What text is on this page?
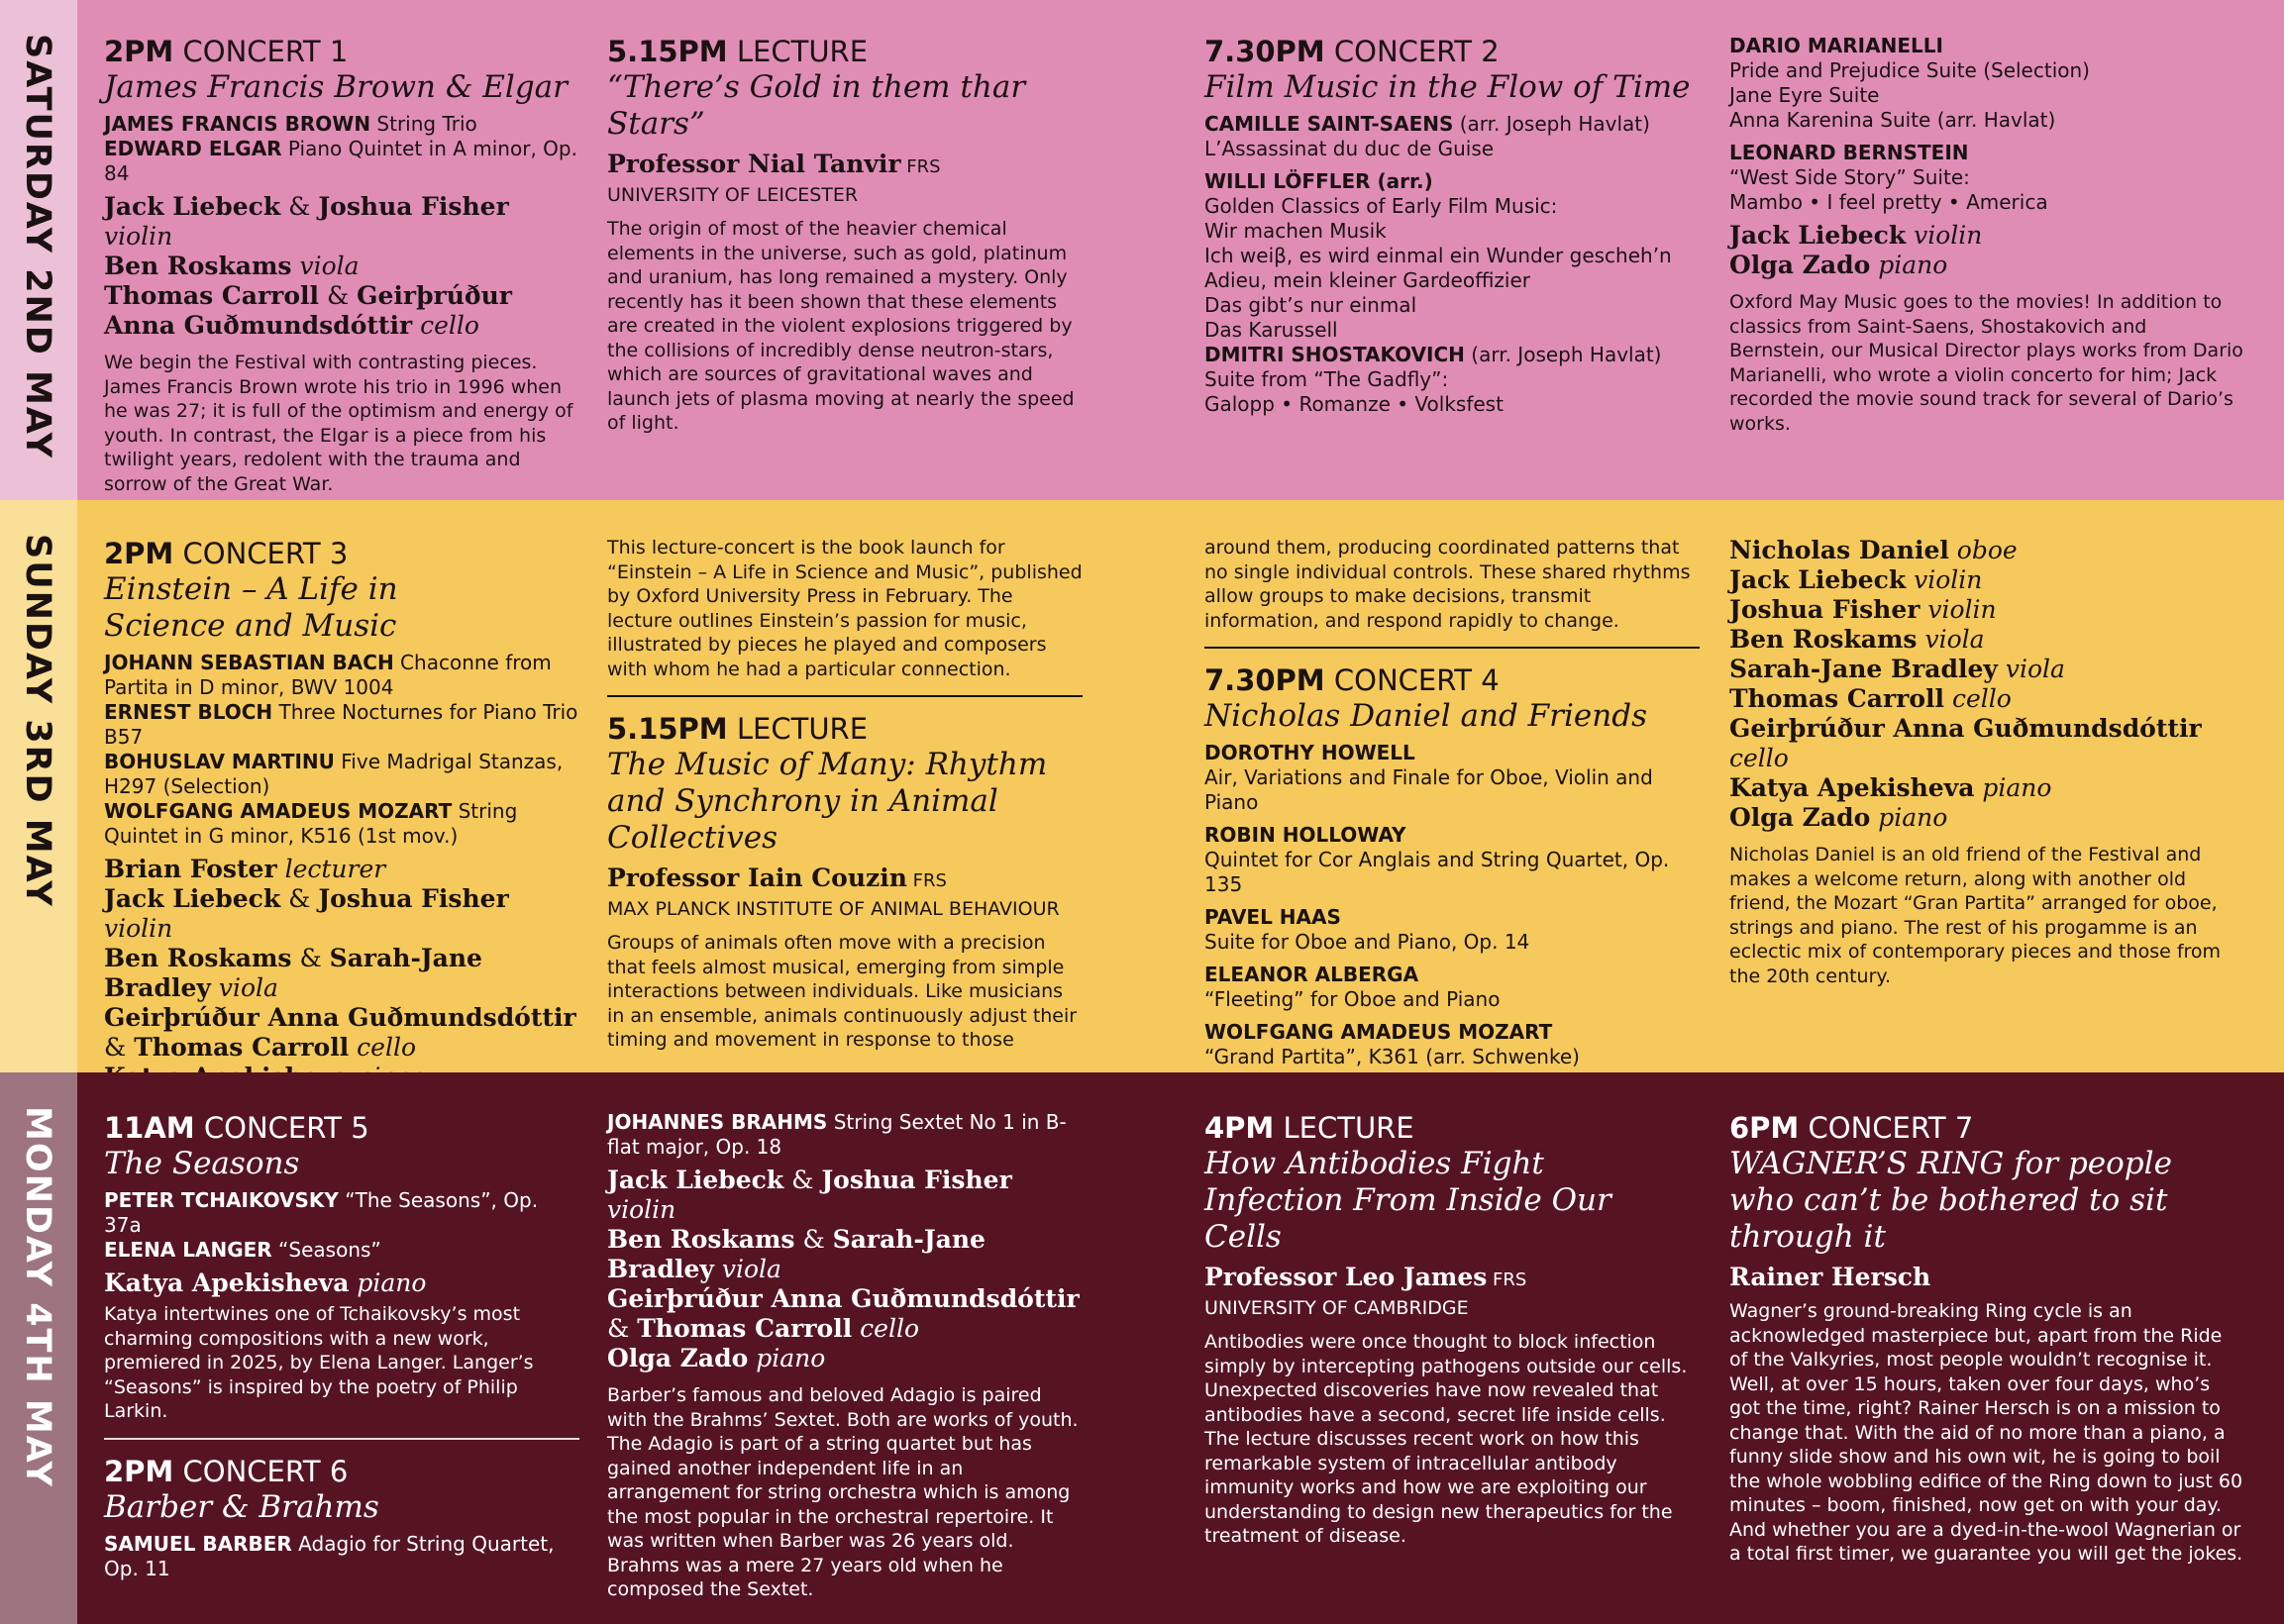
SATURDAY 2ND MAY 2PM CONCERT 1
James Francis Brown & Elgar
JAMES FRANCIS BROWN String Trio
EDWARD ELGAR Piano Quintet in A minor, Op. 84
Jack Liebeck & Joshua Fisher violin
Ben Roskams viola
Thomas Carroll & Geirþrúður Anna Guðmundsdóttir cello
We begin the Festival with contrasting pieces. James Francis Brown wrote his trio in 1996 when he was 27; it is full of the optimism and energy of youth. In contrast, the Elgar is a piece from his twilight years, redolent with the trauma and sorrow of the Great War.
5.15PM LECTURE
“There’s Gold in them thar Stars”
Professor Nial Tanvir FRS
UNIVERSITY OF LEICESTER
The origin of most of the heavier chemical elements in the universe, such as gold, platinum and uranium, has long remained a mystery. Only recently has it been shown that these elements are created in the violent explosions triggered by the collisions of incredibly dense neutron-stars, which are sources of gravitational waves and launch jets of plasma moving at nearly the speed of light.
7.30PM CONCERT 2
Film Music in the Flow of Time
CAMILLE SAINT-SAENS (arr. Joseph Havlat)
L’Assassinat du duc de Guise
WILLI LÖFFLER (arr.)
Golden Classics of Early Film Music:
Wir machen Musik
Ich weiβ, es wird einmal ein Wunder gescheh’n
Adieu, mein kleiner Gardeoffizier
Das gibt’s nur einmal
Das Karussell
DMITRI SHOSTAKOVICH (arr. Joseph Havlat)
Suite from “The Gadfly”:
Galopp • Romanze • Volksfest
DARIO MARIANELLI
Pride and Prejudice Suite (Selection)
Jane Eyre Suite
Anna Karenina Suite (arr. Havlat)
LEONARD BERNSTEIN
“West Side Story” Suite:
Mambo • I feel pretty • America
Jack Liebeck violin
Olga Zado piano
Oxford May Music goes to the movies! In addition to classics from Saint-Saens, Shostakovich and Bernstein, our Musical Director plays works from Dario Marianelli, who wrote a violin concerto for him; Jack recorded the movie sound track for several of Dario’s works.
SUNDAY 3RD MAY 2PM CONCERT 3
Einstein – A Life in Science and Music
JOHANN SEBASTIAN BACH Chaconne from Partita in D minor, BWV 1004
ERNEST BLOCH Three Nocturnes for Piano Trio B57
BOHUSLAV MARTINU Five Madrigal Stanzas, H297 (Selection)
WOLFGANG AMADEUS MOZART String Quintet in G minor, K516 (1st mov.)
Brian Foster lecturer
Jack Liebeck & Joshua Fisher violin
Ben Roskams & Sarah-Jane Bradley viola
Geirþrúður Anna Guðmundsdóttir & Thomas Carroll cello
This lecture-concert is the book launch for “Einstein – A Life in Science and Music”, published by Oxford University Press in February. The lecture outlines Einstein’s passion for music, illustrated by pieces he played and composers with whom he had a particular connection.
5.15PM LECTURE
The Music of Many: Rhythm and Synchrony in Animal Collectives
Professor Iain Couzin FRS
MAX PLANCK INSTITUTE OF ANIMAL BEHAVIOUR
Groups of animals often move with a precision that feels almost musical, emerging from simple interactions between individuals. Like musicians in an ensemble, animals continuously adjust their timing and movement in response to those
around them, producing coordinated patterns that no single individual controls. These shared rhythms allow groups to make decisions, transmit information, and respond rapidly to change.
7.30PM CONCERT 4
Nicholas Daniel and Friends
DOROTHY HOWELL
Air, Variations and Finale for Oboe, Violin and Piano
ROBIN HOLLOWAY
Quintet for Cor Anglais and String Quartet, Op. 135
PAVEL HAAS
Suite for Oboe and Piano, Op. 14
ELEANOR ALBERGA
“Fleeting” for Oboe and Piano
WOLFGANG AMADEUS MOZART
“Grand Partita”, K361 (arr. Schwenke)
Nicholas Daniel oboe
Jack Liebeck violin
Joshua Fisher violin
Ben Roskams viola
Sarah-Jane Bradley viola
Thomas Carroll cello
Geirþrúður Anna Guðmundsdóttir cello
Katya Apekisheva piano
Olga Zado piano
Nicholas Daniel is an old friend of the Festival and makes a welcome return, along with another old friend, the Mozart “Gran Partita” arranged for oboe, strings and piano. The rest of his progamme is an eclectic mix of contemporary pieces and those from the 20th century.
MONDAY 4TH MAY 11AM CONCERT 5
The Seasons
PETER TCHAIKOVSKY “The Seasons”, Op. 37a
ELENA LANGER “Seasons”
Katya Apekisheva piano
Katya intertwines one of Tchaikovsky’s most charming compositions with a new work, premiered in 2025, by Elena Langer. Langer’s “Seasons” is inspired by the poetry of Philip Larkin.
2PM CONCERT 6
Barber & Brahms
SAMUEL BARBER Adagio for String Quartet, Op. 11
JOHANNES BRAHMS String Sextet No 1 in B-flat major, Op. 18
Jack Liebeck & Joshua Fisher violin
Ben Roskams & Sarah-Jane Bradley viola
Geirþrúður Anna Guðmundsdóttir & Thomas Carroll cello
Olga Zado piano
Barber’s famous and beloved Adagio is paired with the Brahms’ Sextet. Both are works of youth. The Adagio is part of a string quartet but has gained another independent life in an arrangement for string orchestra which is among the most popular in the orchestral repertoire. It was written when Barber was 26 years old. Brahms was a mere 27 years old when he composed the Sextet.
4PM LECTURE
How Antibodies Fight Infection From Inside Our Cells
Professor Leo James FRS
UNIVERSITY OF CAMBRIDGE
Antibodies were once thought to block infection simply by intercepting pathogens outside our cells. Unexpected discoveries have now revealed that antibodies have a second, secret life inside cells. The lecture discusses recent work on how this remarkable system of intracellular antibody immunity works and how we are exploiting our understanding to design new therapeutics for the treatment of disease.
6PM CONCERT 7
WAGNER’S RING for people who can’t be bothered to sit through it
Rainer Hersch
Wagner’s ground-breaking Ring cycle is an acknowledged masterpiece but, apart from the Ride of the Valkyries, most people wouldn’t recognise it. Well, at over 15 hours, taken over four days, who’s got the time, right? Rainer Hersch is on a mission to change that. With the aid of no more than a piano, a funny slide show and his own wit, he is going to boil the whole wobbling edifice of the Ring down to just 60 minutes – boom, finished, now get on with your day. And whether you are a dyed-in-the-wool Wagnerian or a total first timer, we guarantee you will get the jokes.
